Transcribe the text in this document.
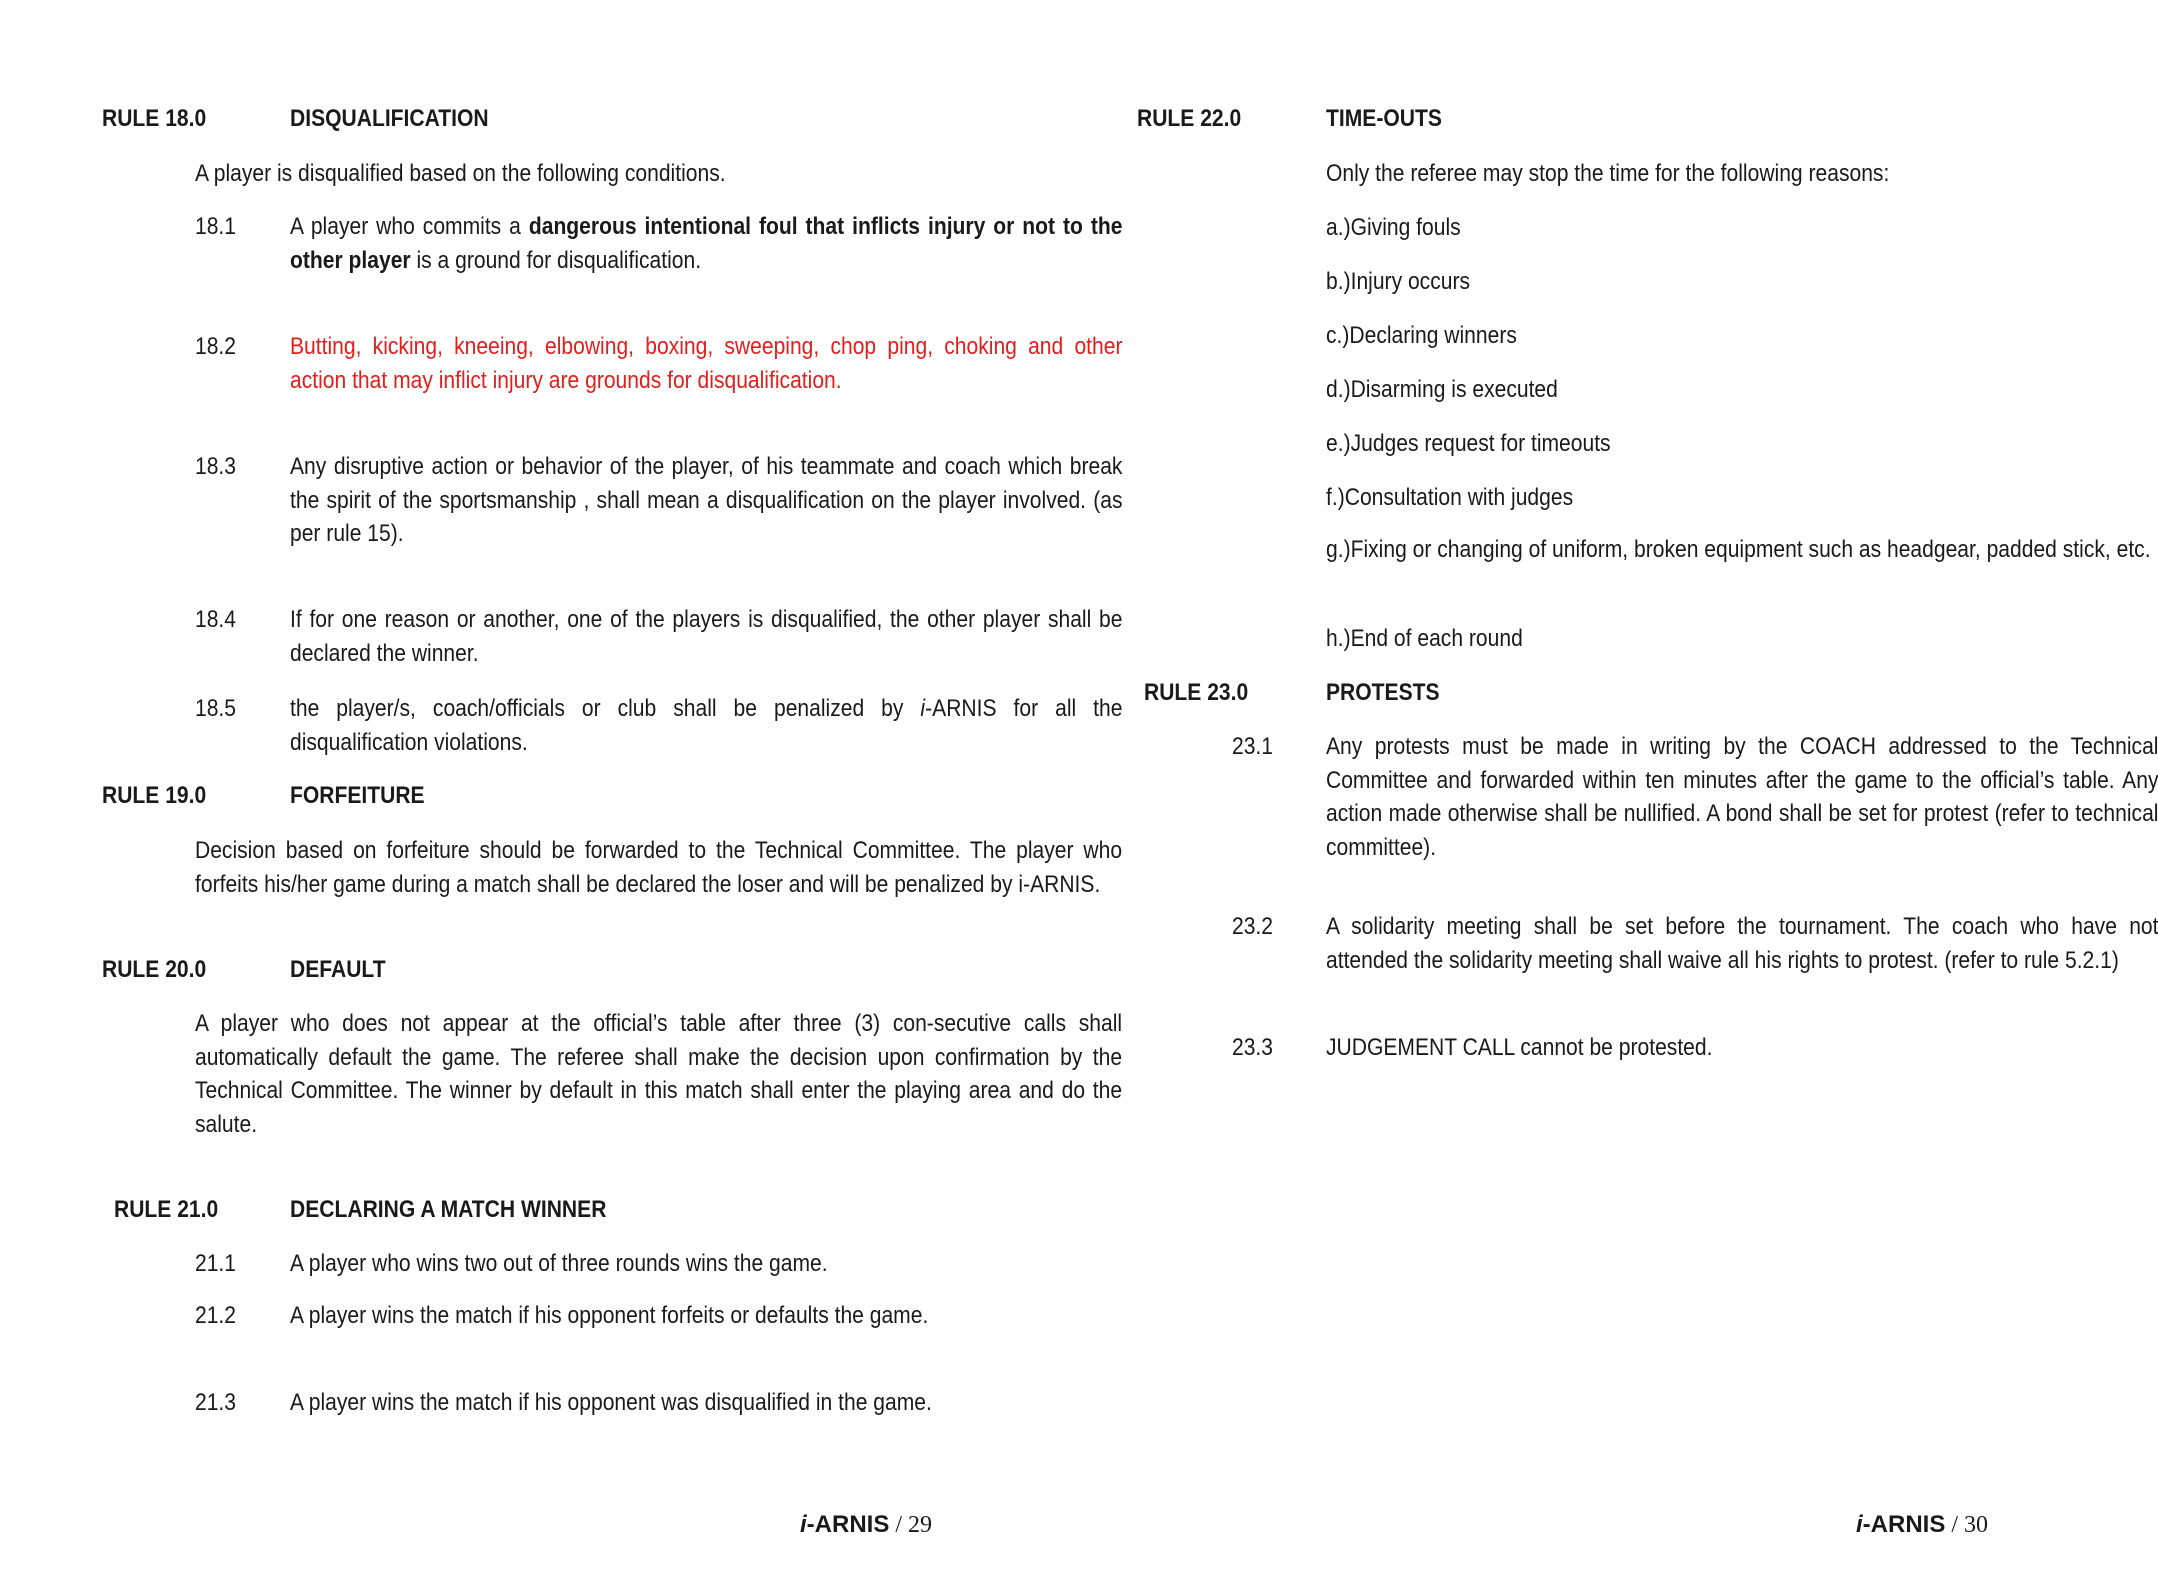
RULE 18.0	DISQUALIFICATION
A player is disqualified based on the following conditions.
18.1 A player who commits a dangerous intentional foul that inflicts injury or not to the other player is a ground for disqualification.

18.2 Butting, kicking, kneeing, elbowing, boxing, sweeping, chop ping, choking and other action that may inflict injury are grounds for disqualification.

18.3 Any disruptive action or behavior of the player, of his teammate and coach which break the spirit of the sportsmanship , shall mean a disqualification on the player involved. (as per rule 15).

18.4 If for one reason or another, one of the players is disqualified, the other player shall be declared the winner.

18.5 the player/s, coach/officials or club shall be penalized by i-ARNIS for all the disqualification violations.

RULE 19.0	FORFEITURE

Decision based on forfeiture should be forwarded to the Technical Committee. The player who forfeits his/her game during a match shall be declared the loser and will be penalized by i-ARNIS.

RULE 20.0	DEFAULT

A player who does not appear at the official’s table after three (3) con-secutive calls shall automatically default the game. The referee shall make the decision upon confirmation by the Technical Committee. The winner by default in this match shall enter the playing area and do the salute.

RULE 21.0	DECLARING A MATCH WINNER
21.1 A player who wins two out of three rounds wins the game.

21.2 A player wins the match if his opponent forfeits or defaults the game.

21.3 A player wins the match if his opponent was disqualified in the game.

i-ARNIS / 29
RULE 22.0	TIME-OUTS
Only the referee may stop the time for the following reasons:
a.)Giving fouls
b.)Injury occurs
c.)Declaring winners
d.)Disarming is executed
e.)Judges request for timeouts
f.)Consultation with judges

g.)Fixing or changing of uniform, broken equipment such as headgear, padded stick, etc.

h.)End of each round
RULE 23.0	PROTESTS
23.1 Any protests must be made in writing by the COACH addressed to the Technical Committee and forwarded within ten minutes after the game to the official’s table. Any action made otherwise shall be nullified. A bond shall be set for protest (refer to technical committee).

23.2 A solidarity meeting shall be set before the tournament. The coach who have not attended the solidarity meeting shall waive all his rights to protest. (refer to rule 5.2.1)

23.3 JUDGEMENT CALL cannot be protested.

i-ARNIS / 30
